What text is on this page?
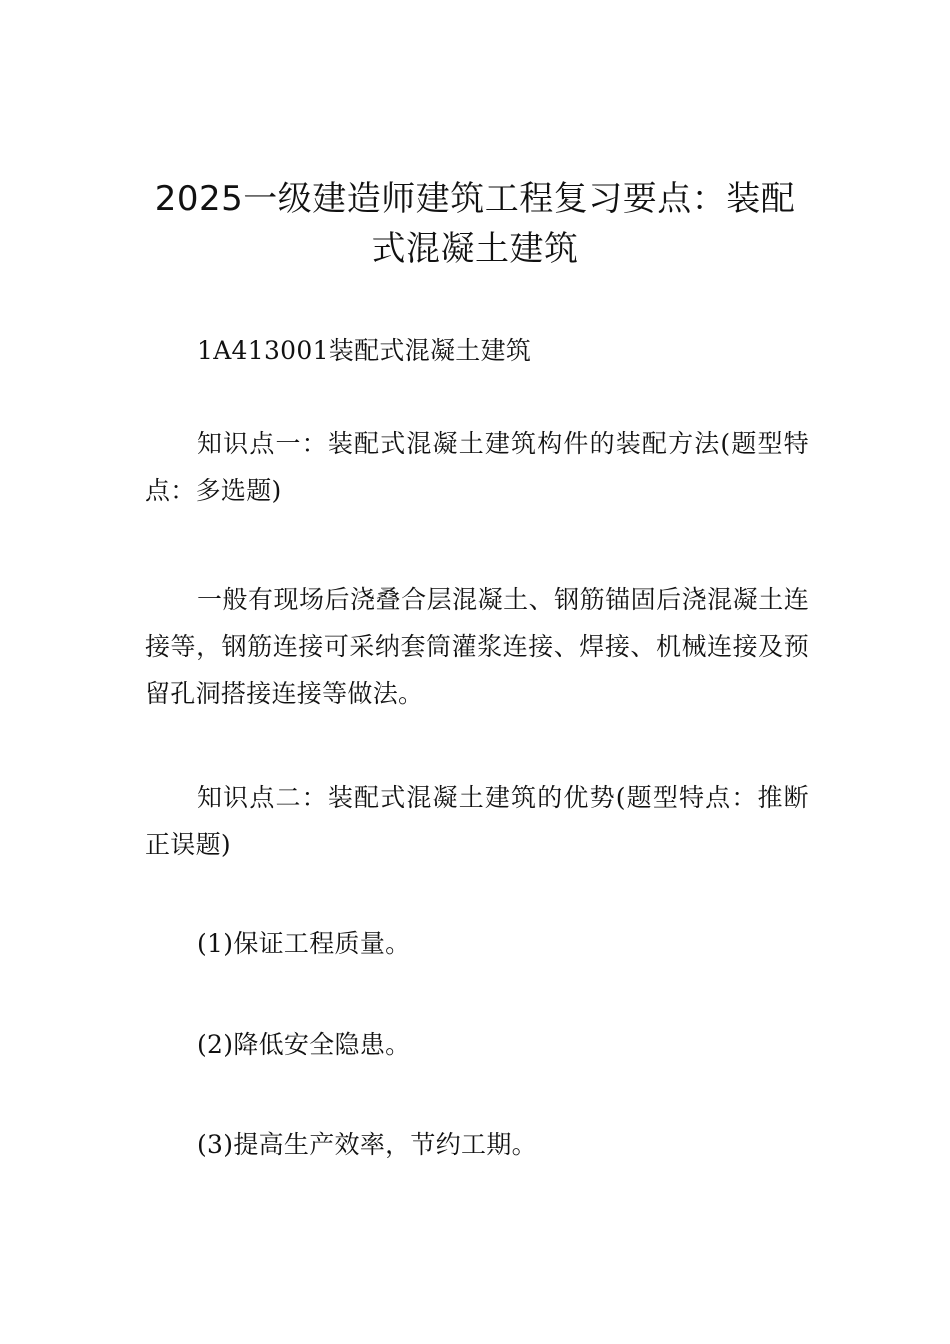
2025一级建造师建筑工程复习要点：装配式混凝土建筑

1A413001装配式混凝土建筑

知识点一：装配式混凝土建筑构件的装配方法(题型特点：多选题)

一般有现场后浇叠合层混凝土、钢筋锚固后浇混凝土连接等，钢筋连接可采纳套筒灌浆连接、焊接、机械连接及预留孔洞搭接连接等做法。

知识点二：装配式混凝土建筑的优势(题型特点：推断正误题)

(1)保证工程质量。

(2)降低安全隐患。

(3)提高生产效率，节约工期。
